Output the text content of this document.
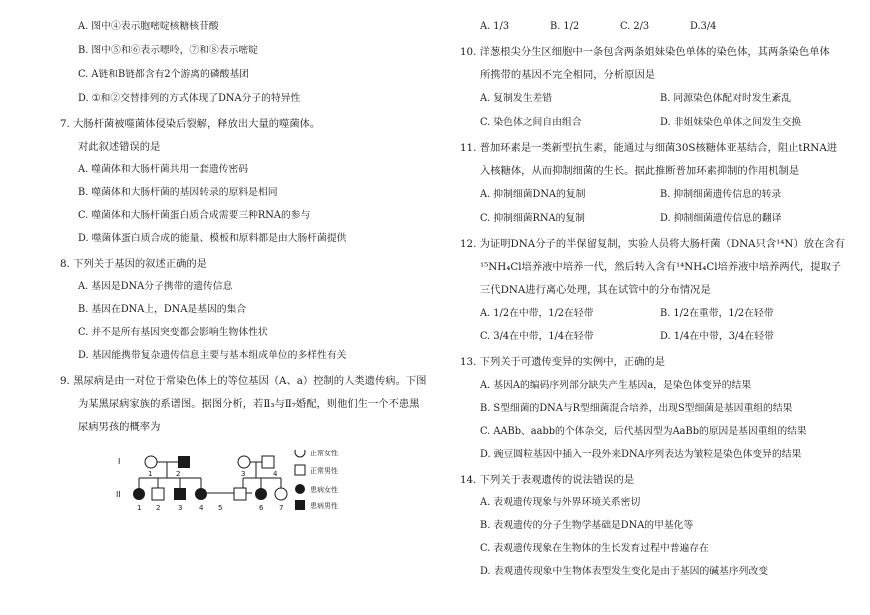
A. 图中④表示胞嘧啶核糖核苷酸
B. 图中⑤和⑥表示嘌呤，⑦和⑧表示嘧啶
C. A链和B链都含有2个游离的磷酸基团
D. ①和②交替排列的方式体现了DNA分子的特异性
7. 大肠杆菌被噬菌体侵染后裂解，释放出大量的噬菌体。
对此叙述错误的是
A. 噬菌体和大肠杆菌共用一套遗传密码
B. 噬菌体和大肠杆菌的基因转录的原料是相同
C. 噬菌体和大肠杆菌蛋白质合成需要三种RNA的参与
D. 噬菌体蛋白质合成的能量、模板和原料都是由大肠杆菌提供
8. 下列关于基因的叙述正确的是
A. 基因是DNA分子携带的遗传信息
B. 基因在DNA上，DNA是基因的集合
C. 并不是所有基因突变都会影响生物体性状
D. 基因能携带复杂遗传信息主要与基本组成单位的多样性有关
9. 黑尿病是由一对位于常染色体上的等位基因（A、a）控制的人类遗传病。下图
为某黑尿病家族的系谱图。据图分析，若Ⅱ₃与Ⅱ₇婚配，则他们生一个不患黑
尿病男孩的概率为
I
II
1	2	3	4
1 2	3 4 5	6 7
正常女性
正常男性
患病女性
患病男性
A. 1/3	B. 1/2	C. 2/3	D.3/4
10. 洋葱根尖分生区细胞中一条包含两条姐妹染色单体的染色体，其两条染色单体
所携带的基因不完全相同，分析原因是
A. 复制发生差错	B. 同源染色体配对时发生紊乱
C. 染色体之间自由组合	D. 非姐妹染色单体之间发生交换
11. 普加环素是一类新型抗生素，能通过与细菌30S核糖体亚基结合，阻止tRNA进
入核糖体，从而抑制细菌的生长。据此推断普加环素抑制的作用机制是
A. 抑制细菌DNA的复制	B. 抑制细菌遗传信息的转录
C. 抑制细菌RNA的复制	D. 抑制细菌遗传信息的翻译
12. 为证明DNA分子的半保留复制，实验人员将大肠杆菌（DNA只含¹⁴N）放在含有
¹⁵NH₄Cl培养液中培养一代，然后转入含有¹⁴NH₄Cl培养液中培养两代，提取子
三代DNA进行离心处理，其在试管中的分布情况是
A. 1/2在中带，1/2在轻带	B. 1/2在重带，1/2在轻带
C. 3/4在中带，1/4在轻带	D. 1/4在中带，3/4在轻带
13. 下列关于可遗传变异的实例中，正确的是
A. 基因A的编码序列部分缺失产生基因a，是染色体变异的结果
B. S型细菌的DNA与R型细菌混合培养，出现S型细菌是基因重组的结果
C. AABb、aabb的个体杂交，后代基因型为AaBb的原因是基因重组的结果
D. 豌豆圆粒基因中插入一段外来DNA序列表达为皱粒是染色体变异的结果
14. 下列关于表观遗传的说法错误的是
A. 表观遗传现象与外界环境关系密切
B. 表观遗传的分子生物学基础是DNA的甲基化等
C. 表观遗传现象在生物体的生长发育过程中普遍存在
D. 表观遗传现象中生物体表型发生变化是由于基因的碱基序列改变
